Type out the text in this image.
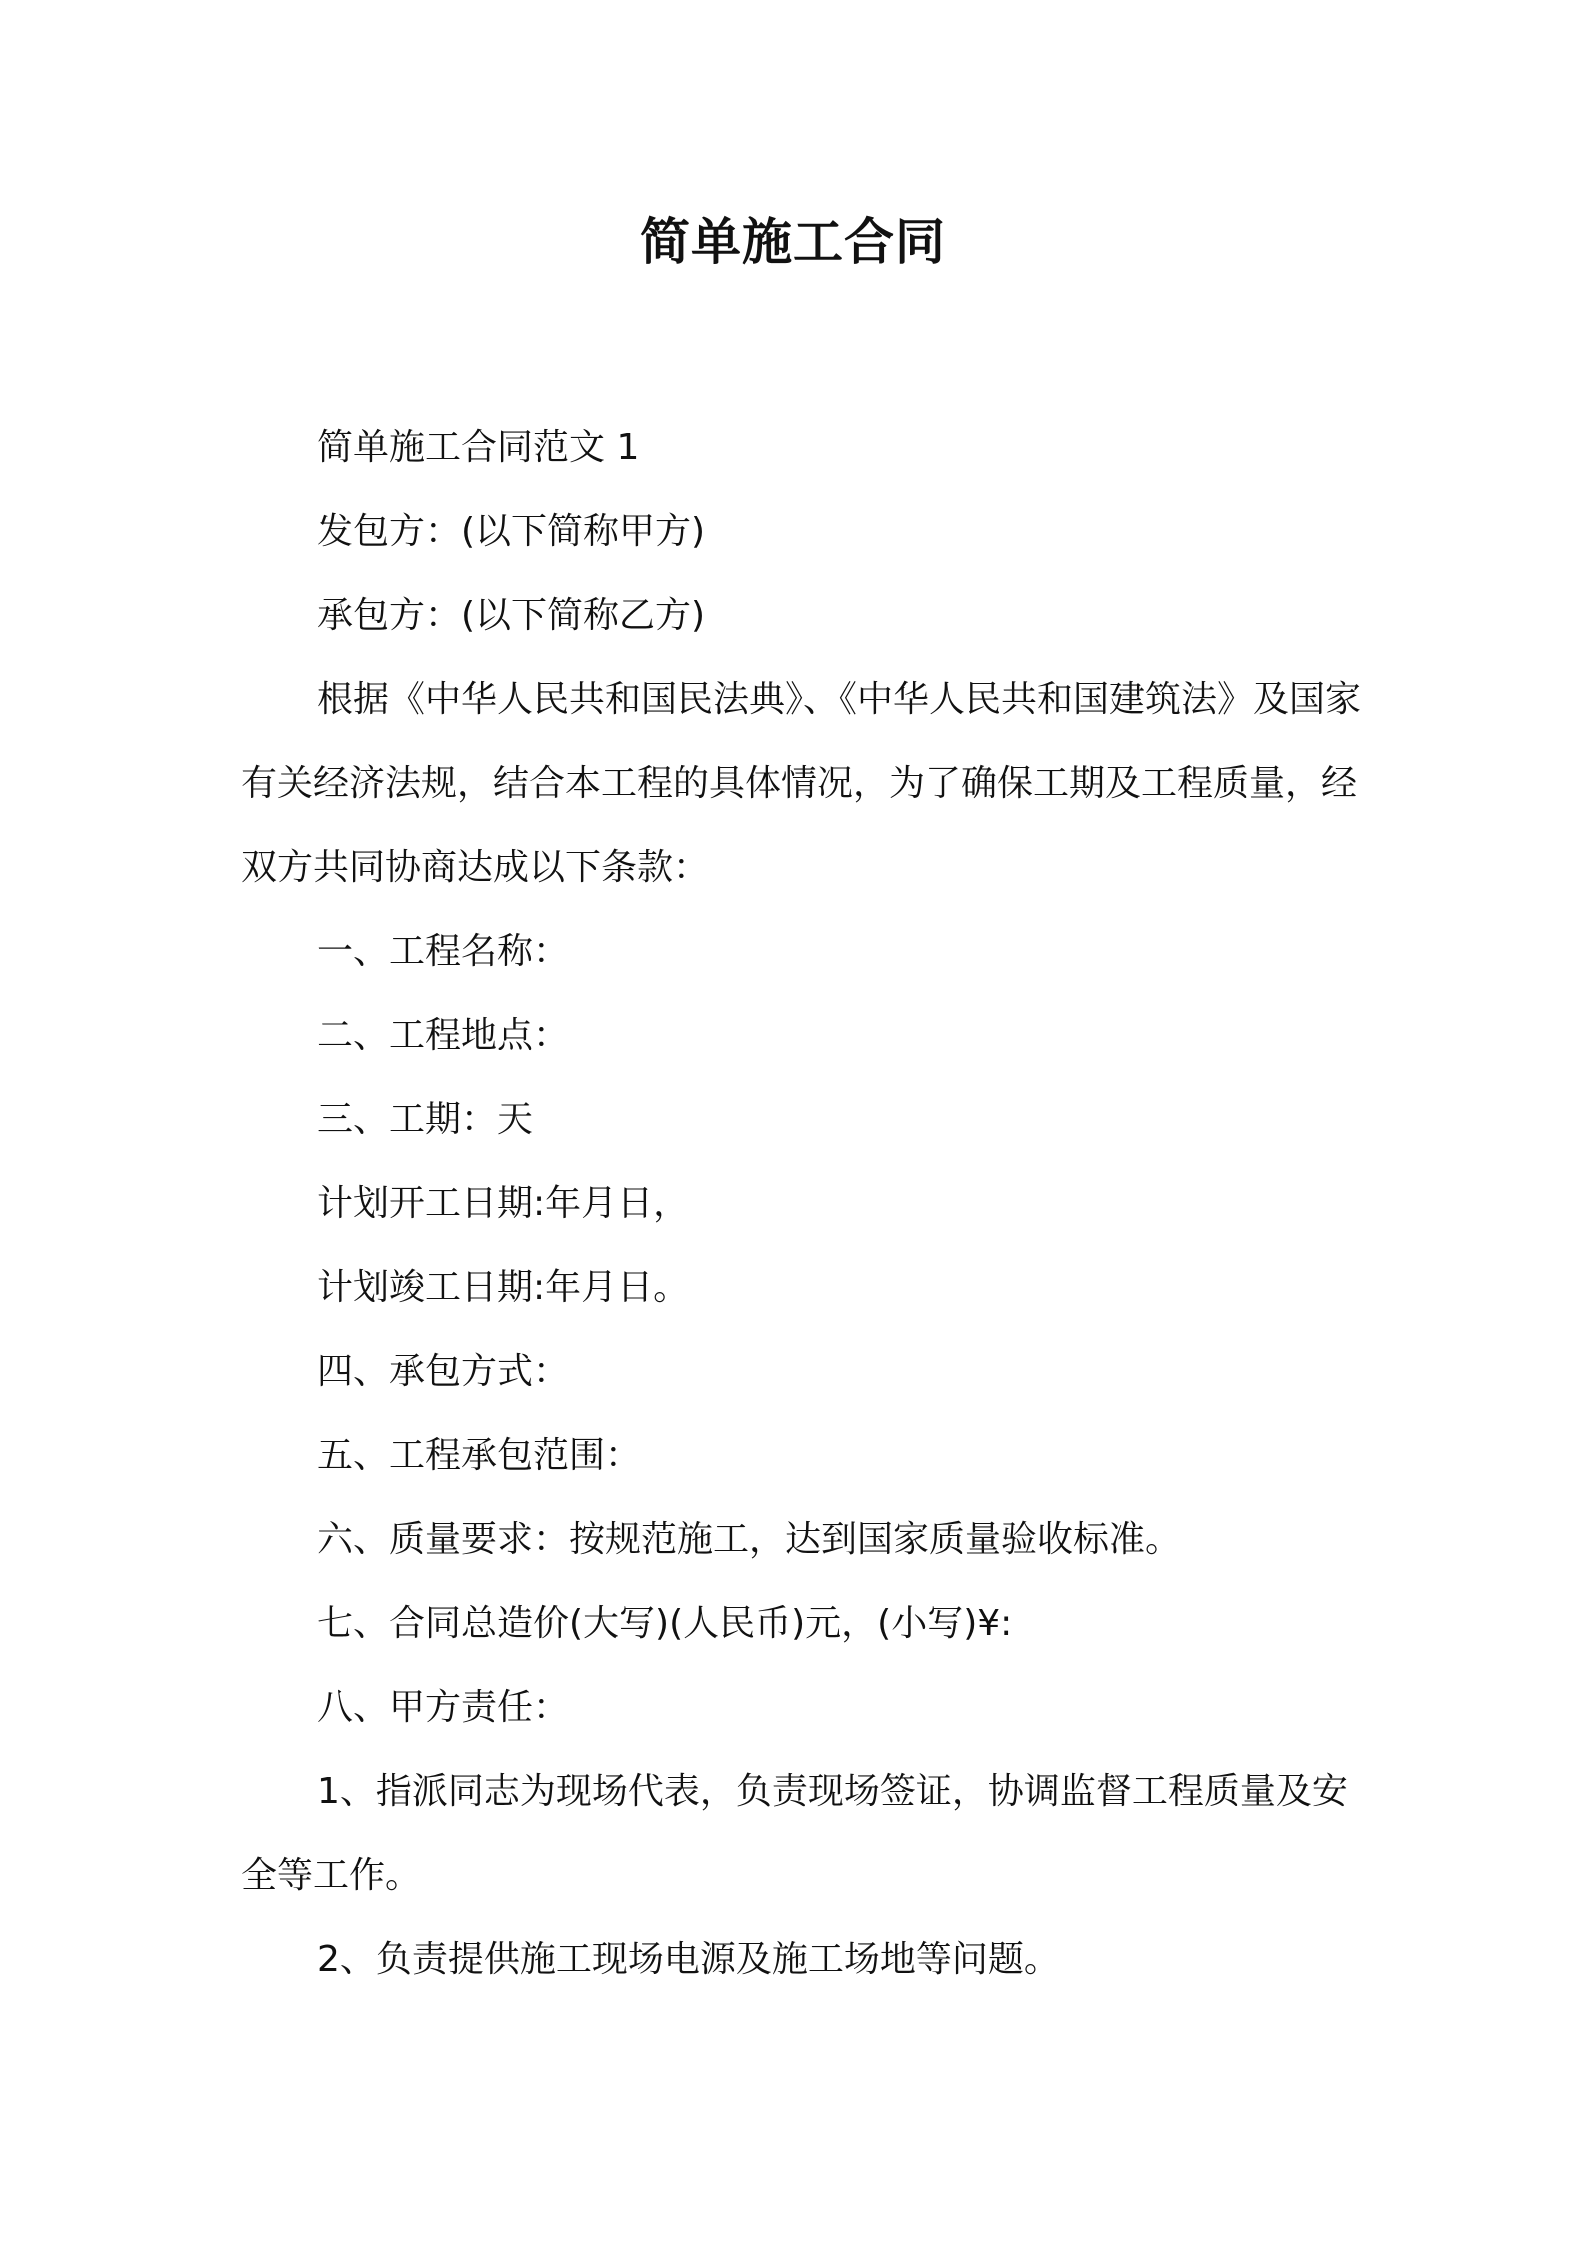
简单施工合同

简单施工合同范文 1

发包方：(以下简称甲方)

承包方：(以下简称乙方)

根据《中华人民共和国民法典》、《中华人民共和国建筑法》及国家有关经济法规，结合本工程的具体情况，为了确保工期及工程质量，经双方共同协商达成以下条款：

一、工程名称：

二、工程地点：

三、工期：天

计划开工日期:年月日，

计划竣工日期:年月日。

四、承包方式：

五、工程承包范围：

六、质量要求：按规范施工，达到国家质量验收标准。

七、合同总造价(大写)(人民币)元，(小写)¥:

八、甲方责任：

1、指派同志为现场代表，负责现场签证，协调监督工程质量及安全等工作。

2、负责提供施工现场电源及施工场地等问题。
